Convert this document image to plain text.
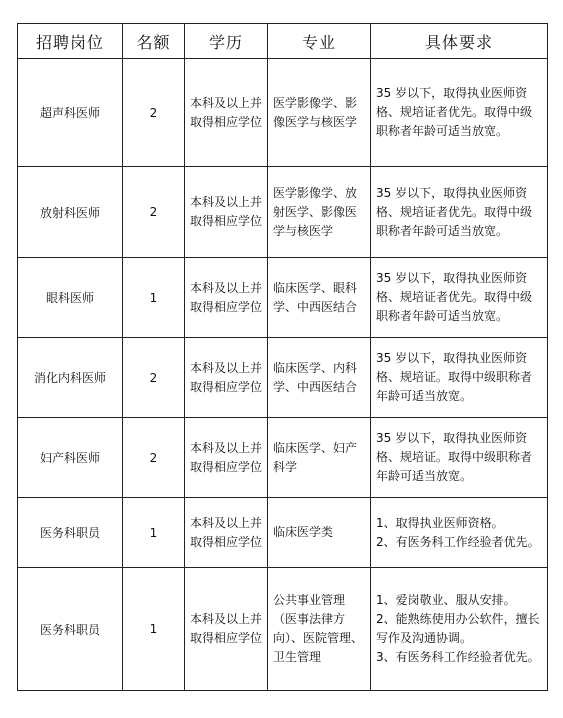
招聘岗位	名额	学历	专业	具体要求
超声科医师	2	本科及以上并取得相应学位	医学影像学、影像医学与核医学	35 岁以下，取得执业医师资格、规培证者优先。取得中级职称者年龄可适当放宽。

放射科医师	2	本科及以上并取得相应学位	医学影像学、放射医学、影像医学与核医学	35 岁以下，取得执业医师资格、规培证者优先。取得中级职称者年龄可适当放宽。

眼科医师	1	本科及以上并取得相应学位	临床医学、眼科学、中西医结合	35 岁以下，取得执业医师资格、规培证者优先。取得中级职称者年龄可适当放宽。

消化内科医师	2	本科及以上并取得相应学位	临床医学、内科学、中西医结合	35 岁以下，取得执业医师资格、规培证。取得中级职称者年龄可适当放宽。

妇产科医师	2	本科及以上并取得相应学位	临床医学、妇产科学	35 岁以下，取得执业医师资格、规培证。取得中级职称者年龄可适当放宽。

医务科职员	1	本科及以上并取得相应学位	临床医学类	1、取得执业医师资格。
2、有医务科工作经验者优先。

医务科职员	1	本科及以上并取得相应学位	公共事业管理（医事法律方向）、医院管理、卫生管理	1、爱岗敬业、服从安排。
2、能熟练使用办公软件，擅长写作及沟通协调。
3、有医务科工作经验者优先。
